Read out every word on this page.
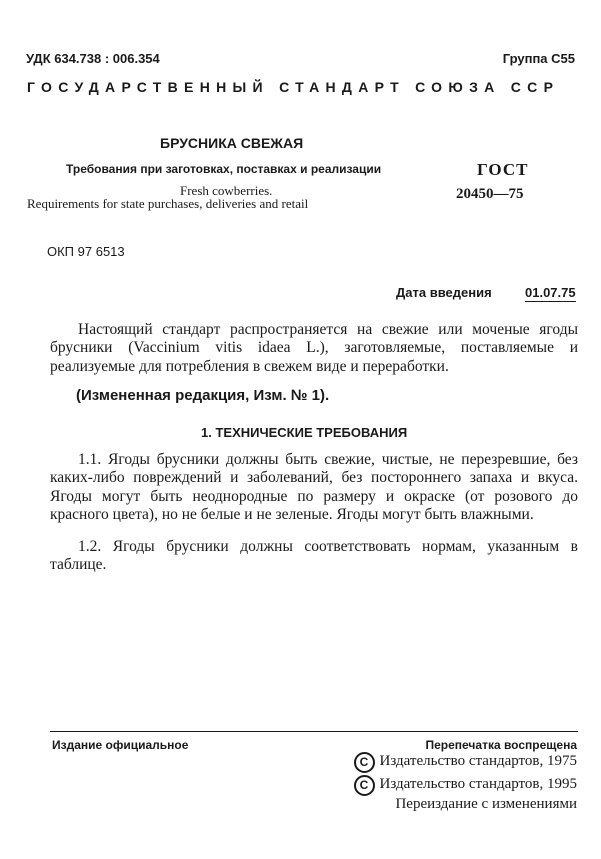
УДК 634.738 : 006.354	Группа С55
ГОСУДАРСТВЕННЫЙ СТАНДАРТ СОЮЗА ССР
БРУСНИКА СВЕЖАЯ
Требования при заготовках, поставках и реализации
Fresh cowberries.
Requirements for state purchases, deliveries and retail
ГОСТ
20450—75
ОКП 97 6513
Дата введения	01.07.75
Настоящий стандарт распространяется на свежие или моченые ягоды брусники (Vaccinium vitis idaea L.), заготовляемые, поставляемые и реализуемые для потребления в свежем виде и переработки.
(Измененная редакция, Изм. № 1).
1. ТЕХНИЧЕСКИЕ ТРЕБОВАНИЯ
1.1. Ягоды брусники должны быть свежие, чистые, не перезревшие, без каких-либо повреждений и заболеваний, без постороннего запаха и вкуса. Ягоды могут быть неоднородные по размеру и окраске (от розового до красного цвета), но не белые и не зеленые. Ягоды могут быть влажными.
1.2. Ягоды брусники должны соответствовать нормам, указанным в таблице.
Издание официальное	Перепечатка воспрещена
С Издательство стандартов, 1975
С Издательство стандартов, 1995
Переиздание с изменениями
